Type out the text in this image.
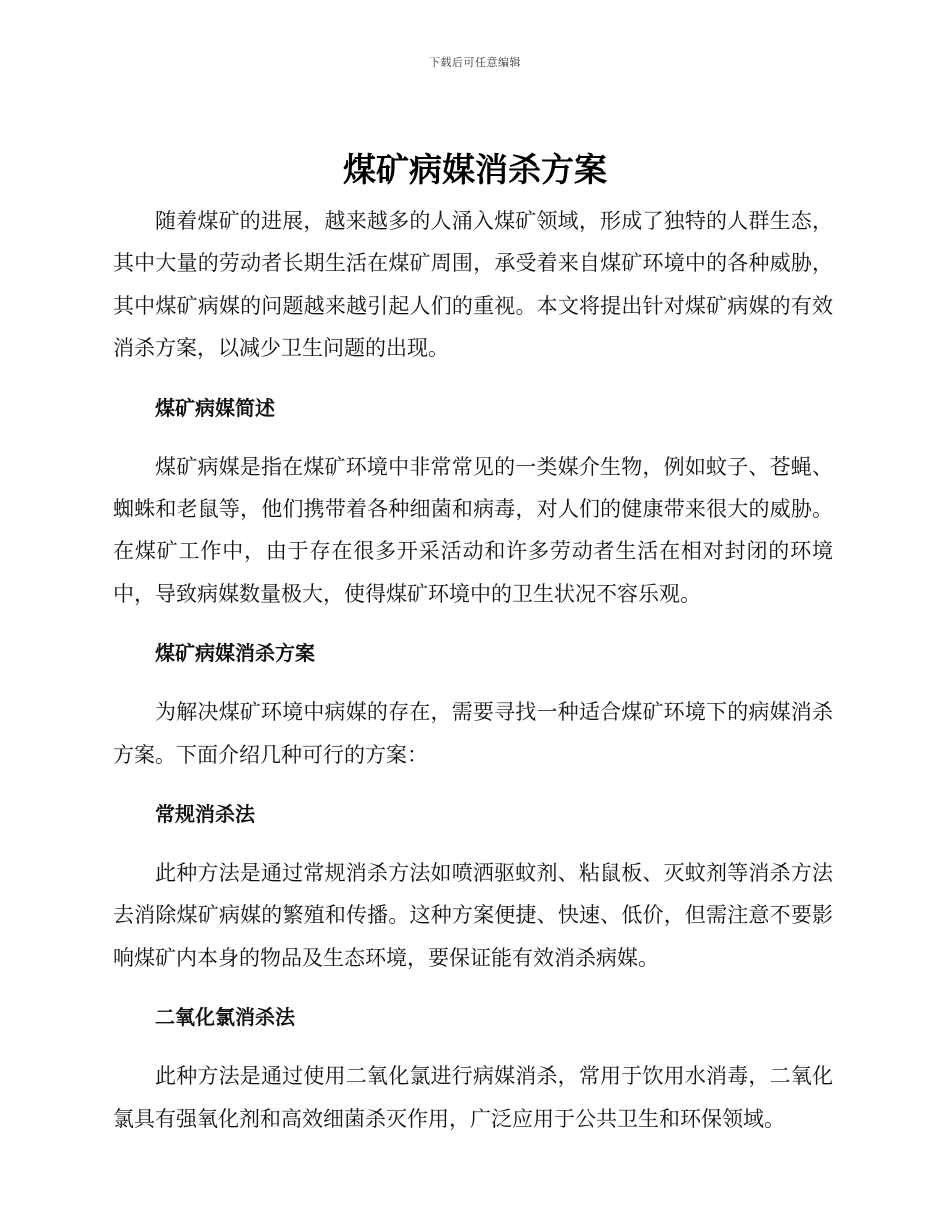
下载后可任意编辑
煤矿病媒消杀方案

随着煤矿的进展，越来越多的人涌入煤矿领域，形成了独特的人群生态，其中大量的劳动者长期生活在煤矿周围，承受着来自煤矿环境中的各种威胁，其中煤矿病媒的问题越来越引起人们的重视。本文将提出针对煤矿病媒的有效消杀方案，以减少卫生问题的出现。

煤矿病媒简述

煤矿病媒是指在煤矿环境中非常常见的一类媒介生物，例如蚊子、苍蝇、蜘蛛和老鼠等，他们携带着各种细菌和病毒，对人们的健康带来很大的威胁。在煤矿工作中，由于存在很多开采活动和许多劳动者生活在相对封闭的环境中，导致病媒数量极大，使得煤矿环境中的卫生状况不容乐观。

煤矿病媒消杀方案

为解决煤矿环境中病媒的存在，需要寻找一种适合煤矿环境下的病媒消杀方案。下面介绍几种可行的方案：

常规消杀法

此种方法是通过常规消杀方法如喷洒驱蚊剂、粘鼠板、灭蚊剂等消杀方法去消除煤矿病媒的繁殖和传播。这种方案便捷、快速、低价，但需注意不要影响煤矿内本身的物品及生态环境，要保证能有效消杀病媒。

二氧化氯消杀法

此种方法是通过使用二氧化氯进行病媒消杀，常用于饮用水消毒，二氧化氯具有强氧化剂和高效细菌杀灭作用，广泛应用于公共卫生和环保领域。
